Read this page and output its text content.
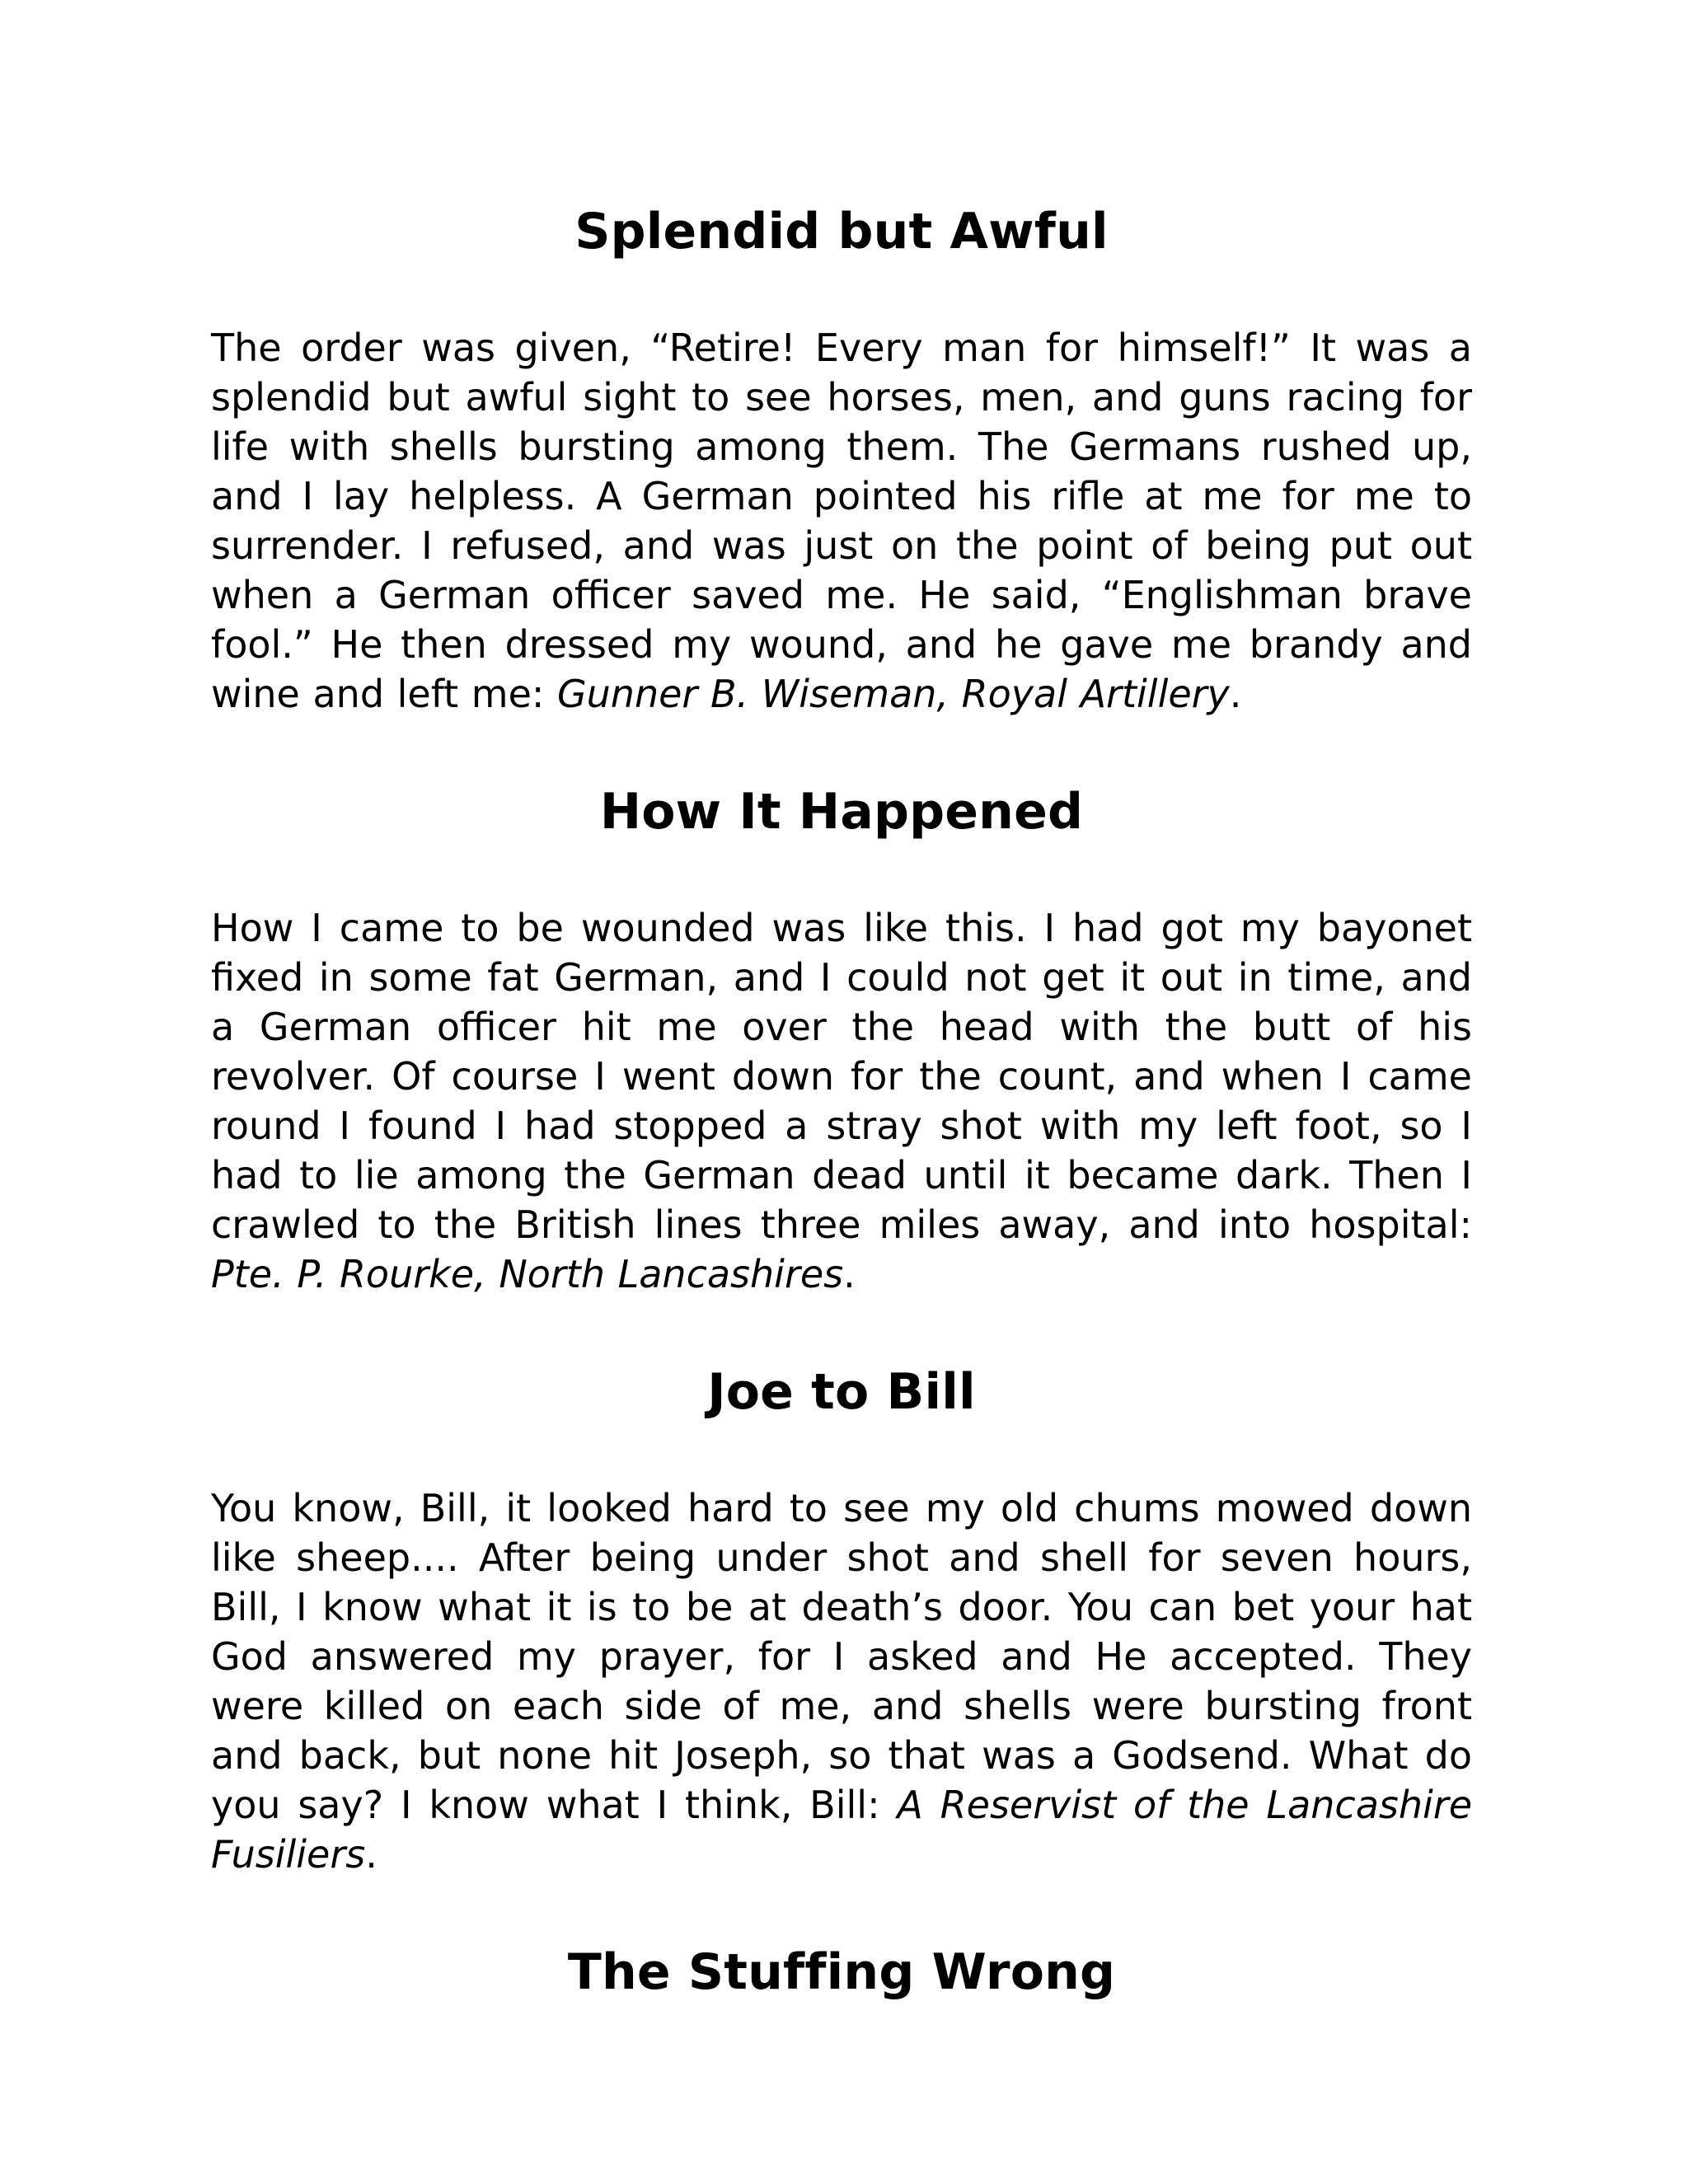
Splendid but Awful

The order was given, “Retire! Every man for himself!” It was a splendid but awful sight to see horses, men, and guns racing for life with shells bursting among them. The Germans rushed up, and I lay helpless. A German pointed his rifle at me for me to surrender. I refused, and was just on the point of being put out when a German officer saved me. He said, “Englishman brave fool.” He then dressed my wound, and he gave me brandy and wine and left me: Gunner B. Wiseman, Royal Artillery.

How It Happened

How I came to be wounded was like this. I had got my bayonet fixed in some fat German, and I could not get it out in time, and a German officer hit me over the head with the butt of his revolver. Of course I went down for the count, and when I came round I found I had stopped a stray shot with my left foot, so I had to lie among the German dead until it became dark. Then I crawled to the British lines three miles away, and into hospital: Pte. P. Rourke, North Lancashires.

Joe to Bill

You know, Bill, it looked hard to see my old chums mowed down like sheep.... After being under shot and shell for seven hours, Bill, I know what it is to be at death’s door. You can bet your hat God answered my prayer, for I asked and He accepted. They were killed on each side of me, and shells were bursting front and back, but none hit Joseph, so that was a Godsend. What do you say? I know what I think, Bill: A Reservist of the Lancashire Fusiliers.

The Stuffing Wrong
